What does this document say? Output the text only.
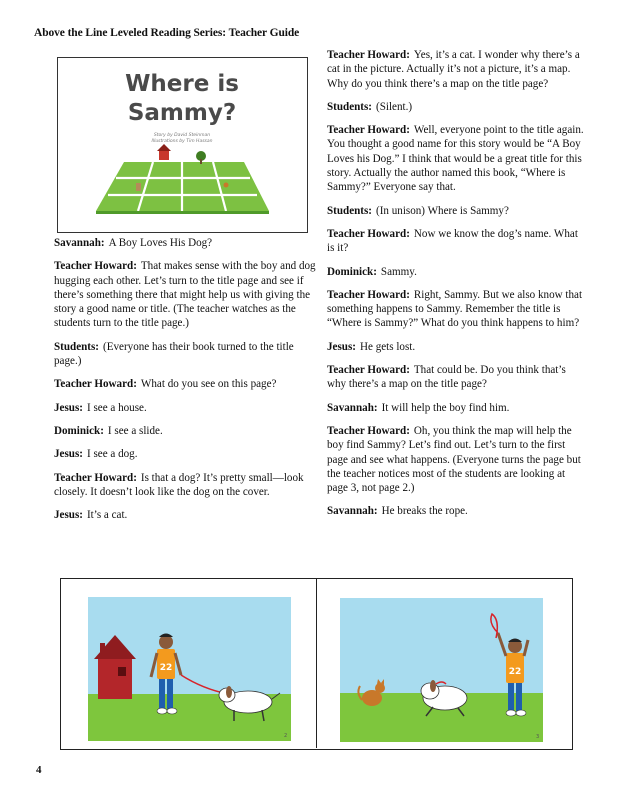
Above the Line Leveled Reading Series: Teacher Guide
Where is
Sammy?
Story by David Steinman
Illustrations by Tim Hassan

Savannah: A Boy Loves His Dog?

Teacher Howard: That makes sense with the boy and dog hugging each other. Let’s turn to the title page and see if there’s something there that might help us with giving the story a good name or title. (The teacher watches as the students turn to the title page.)

Students: (Everyone has their book turned to the title page.)

Teacher Howard: What do you see on this page?

Jesus: I see a house.

Dominick: I see a slide.

Jesus: I see a dog.

Teacher Howard: Is that a dog? It’s pretty small—look closely. It doesn’t look like the dog on the cover.

Jesus: It’s a cat.

Teacher Howard: Yes, it’s a cat. I wonder why there’s a cat in the picture. Actually it’s not a picture, it’s a map. Why do you think there’s a map on the title page?

Students: (Silent.)

Teacher Howard: Well, everyone point to the title again. You thought a good name for this story would be “A Boy Loves his Dog.” I think that would be a great title for this story. Actually the author named this book, “Where is Sammy?” Everyone say that.

Students: (In unison) Where is Sammy?

Teacher Howard: Now we know the dog’s name. What is it?

Dominick: Sammy.

Teacher Howard: Right, Sammy. But we also know that something happens to Sammy. Remember the title is “Where is Sammy?” What do you think happens to him?

Jesus: He gets lost.

Teacher Howard: That could be. Do you think that’s why there’s a map on the title page?

Savannah: It will help the boy find him.

Teacher Howard: Oh, you think the map will help the boy find Sammy? Let’s find out. Let’s turn to the first page and see what happens. (Everyone turns the page but the teacher notices most of the students are looking at page 3, not page 2.)

Savannah: He breaks the rope.

22
2
22
3
4
